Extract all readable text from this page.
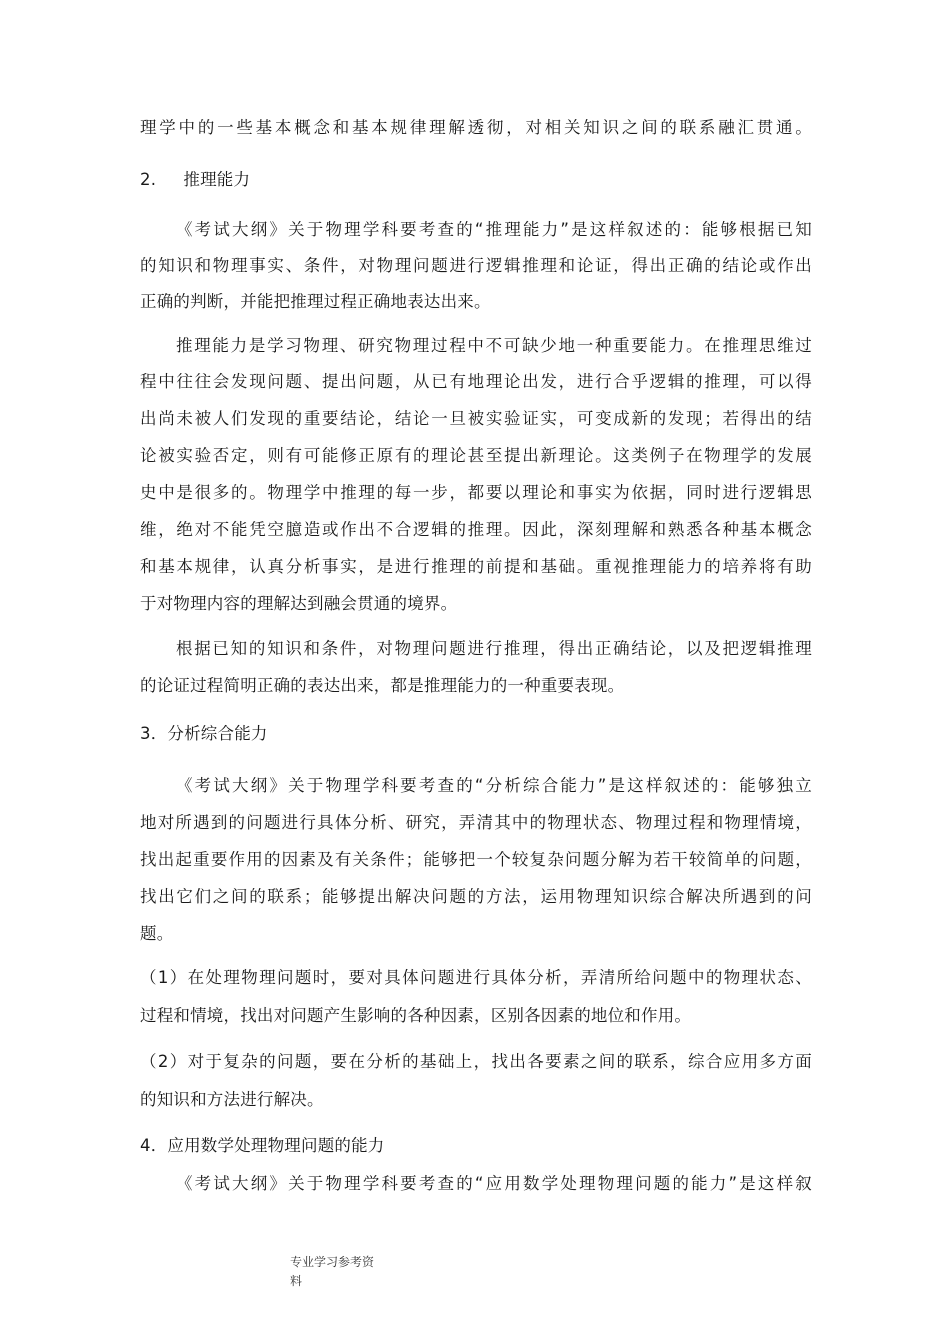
理学中的一些基本概念和基本规律理解透彻，对相关知识之间的联系融汇贯通。
2.     推理能力
《考试大纲》关于物理学科要考查的“推理能力”是这样叙述的：能够根据已知
的知识和物理事实、条件，对物理问题进行逻辑推理和论证，得出正确的结论或作出
正确的判断，并能把推理过程正确地表达出来。
推理能力是学习物理、研究物理过程中不可缺少地一种重要能力。在推理思维过
程中往往会发现问题、提出问题，从已有地理论出发，进行合乎逻辑的推理，可以得
出尚未被人们发现的重要结论，结论一旦被实验证实，可变成新的发现；若得出的结
论被实验否定，则有可能修正原有的理论甚至提出新理论。这类例子在物理学的发展
史中是很多的。物理学中推理的每一步，都要以理论和事实为依据，同时进行逻辑思
维，绝对不能凭空臆造或作出不合逻辑的推理。因此，深刻理解和熟悉各种基本概念
和基本规律，认真分析事实，是进行推理的前提和基础。重视推理能力的培养将有助
于对物理内容的理解达到融会贯通的境界。
根据已知的知识和条件，对物理问题进行推理，得出正确结论，以及把逻辑推理
的论证过程简明正确的表达出来，都是推理能力的一种重要表现。
3．分析综合能力
《考试大纲》关于物理学科要考查的“分析综合能力”是这样叙述的：能够独立
地对所遇到的问题进行具体分析、研究，弄清其中的物理状态、物理过程和物理情境，
找出起重要作用的因素及有关条件；能够把一个较复杂问题分解为若干较简单的问题，
找出它们之间的联系；能够提出解决问题的方法，运用物理知识综合解决所遇到的问
题。
（1）在处理物理问题时，要对具体问题进行具体分析，弄清所给问题中的物理状态、
过程和情境，找出对问题产生影响的各种因素，区别各因素的地位和作用。
（2）对于复杂的问题，要在分析的基础上，找出各要素之间的联系，综合应用多方面
的知识和方法进行解决。
4．应用数学处理物理问题的能力
《考试大纲》关于物理学科要考查的“应用数学处理物理问题的能力”是这样叙
专业学习参考资
料
